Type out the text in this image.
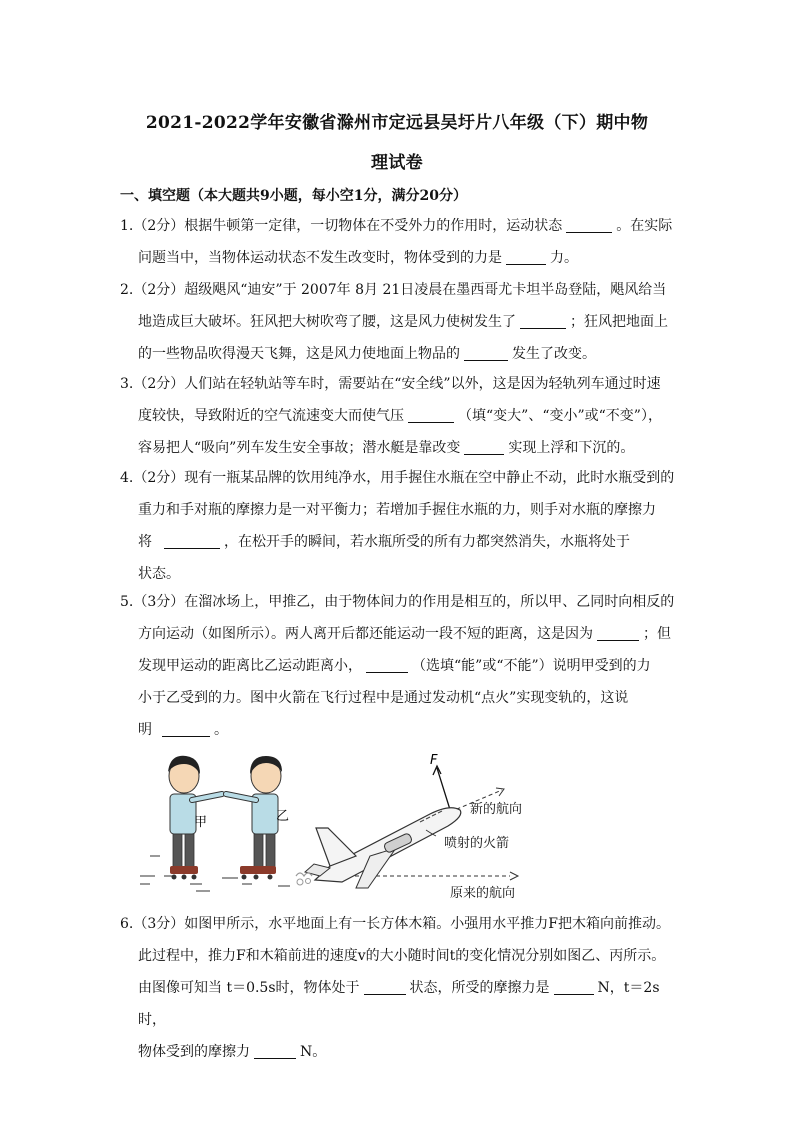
2021-2022学年安徽省滁州市定远县吴圩片八年级（下）期中物
理试卷
一、填空题（本大题共9小题，每小空1分，满分20分）

1.（2分）根据牛顿第一定律，一切物体在不受外力的作用时，运动状态	。在实际

问题当中，当物体运动状态不发生改变时，物体受到的力是	力。

2.（2分）超级飓风“迪安”于 2007年 8月 21日凌晨在墨西哥尤卡坦半岛登陆，飓风给当

地造成巨大破坏。狂风把大树吹弯了腰，这是风力使树发生了	；狂风把地面上

的一些物品吹得漫天飞舞，这是风力使地面上物品的	发生了改变。

3.（2分）人们站在轻轨站等车时，需要站在“安全线”以外，这是因为轻轨列车通过时速

度较快，导致附近的空气流速变大而使气压	（填“变大”、“变小”或“不变”），

容易把人“吸向”列车发生安全事故；潜水艇是靠改变	实现上浮和下沉的。

4.（2分）现有一瓶某品牌的饮用纯净水，用手握住水瓶在空中静止不动，此时水瓶受到的

重力和手对瓶的摩擦力是一对平衡力；若增加手握住水瓶的力，则手对水瓶的摩擦力

将	，在松开手的瞬间，若水瓶所受的所有力都突然消失，水瓶将处于

状态。

5.（3分）在溜冰场上，甲推乙，由于物体间力的作用是相互的，所以甲、乙同时向相反的

方向运动（如图所示）。两人离开后都还能运动一段不短的距离，这是因为	；但

发现甲运动的距离比乙运动距离小，	（选填“能”或“不能”）说明甲受到的力

小于乙受到的力。图中火箭在飞行过程中是通过发动机“点火”实现变轨的，这说

明	。

甲	乙
F
新的航向
喷射的火箭
原来的航向

6.（3分）如图甲所示，水平地面上有一长方体木箱。小强用水平推力F把木箱向前推动。

此过程中，推力F和木箱前进的速度v的大小随时间t的变化情况分别如图乙、丙所示。

由图像可知当 t＝0.5s时，物体处于	状态，所受的摩擦力是	N，t＝2s时，

物体受到的摩擦力	N。
